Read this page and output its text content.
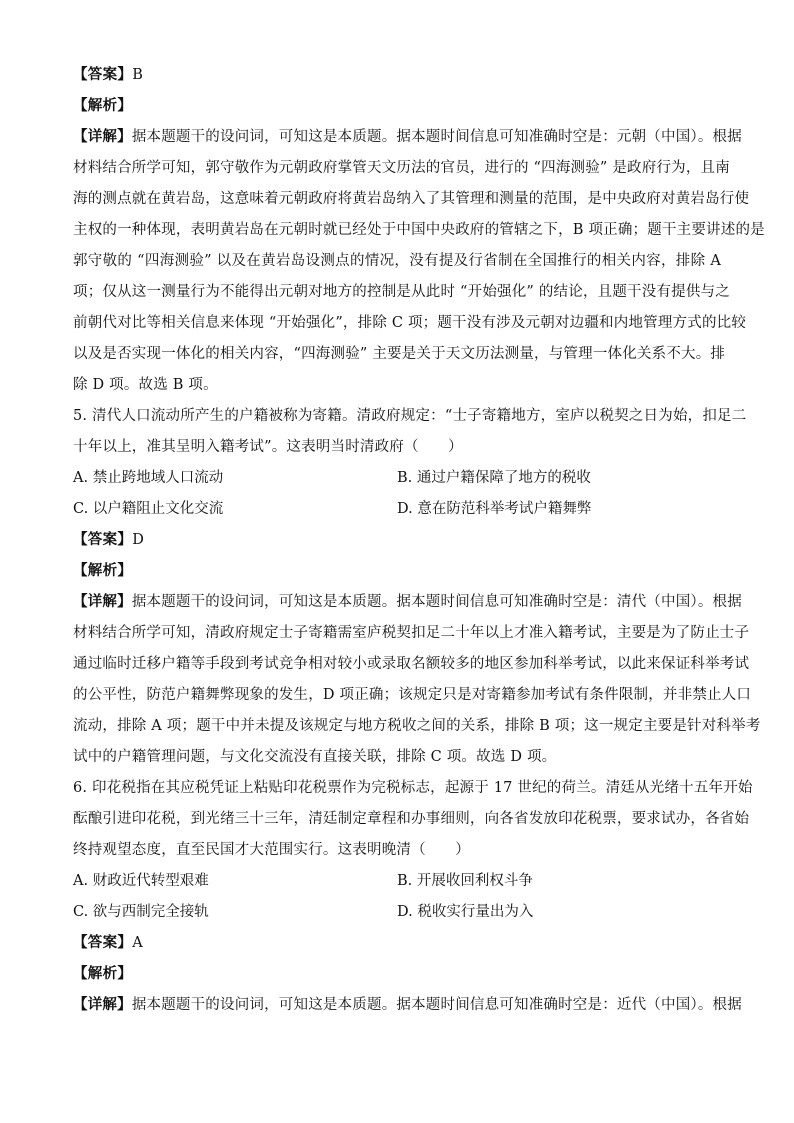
【答案】B
【解析】
【详解】据本题题干的设问词，可知这是本质题。据本题时间信息可知准确时空是：元朝（中国）。根据
材料结合所学可知，郭守敬作为元朝政府掌管天文历法的官员，进行的 “四海测验” 是政府行为，且南
海的测点就在黄岩岛，这意味着元朝政府将黄岩岛纳入了其管理和测量的范围，是中央政府对黄岩岛行使
主权的一种体现，表明黄岩岛在元朝时就已经处于中国中央政府的管辖之下，B 项正确；题干主要讲述的是
郭守敬的 “四海测验” 以及在黄岩岛设测点的情况，没有提及行省制在全国推行的相关内容，排除 A
项；仅从这一测量行为不能得出元朝对地方的控制是从此时 “开始强化” 的结论，且题干没有提供与之
前朝代对比等相关信息来体现 “开始强化”，排除 C 项；题干没有涉及元朝对边疆和内地管理方式的比较
以及是否实现一体化的相关内容，“四海测验” 主要是关于天文历法测量，与管理一体化关系不大。排
除 D 项。故选 B 项。
5. 清代人口流动所产生的户籍被称为寄籍。清政府规定：“士子寄籍地方，室庐以税契之日为始，扣足二
十年以上，准其呈明入籍考试”。这表明当时清政府（　　）
A. 禁止跨地域人口流动	B. 通过户籍保障了地方的税收
C. 以户籍阻止文化交流	D. 意在防范科举考试户籍舞弊
【答案】D
【解析】
【详解】据本题题干的设问词，可知这是本质题。据本题时间信息可知准确时空是：清代（中国）。根据
材料结合所学可知，清政府规定士子寄籍需室庐税契扣足二十年以上才准入籍考试，主要是为了防止士子
通过临时迁移户籍等手段到考试竞争相对较小或录取名额较多的地区参加科举考试，以此来保证科举考试
的公平性，防范户籍舞弊现象的发生，D 项正确；该规定只是对寄籍参加考试有条件限制，并非禁止人口
流动，排除 A 项；题干中并未提及该规定与地方税收之间的关系，排除 B 项；这一规定主要是针对科举考
试中的户籍管理问题，与文化交流没有直接关联，排除 C 项。故选 D 项。
6. 印花税指在其应税凭证上粘贴印花税票作为完税标志，起源于 17 世纪的荷兰。清廷从光绪十五年开始
酝酿引进印花税，到光绪三十三年，清廷制定章程和办事细则，向各省发放印花税票，要求试办，各省始
终持观望态度，直至民国才大范围实行。这表明晚清（　　）
A. 财政近代转型艰难	B. 开展收回利权斗争
C. 欲与西制完全接轨	D. 税收实行量出为入
【答案】A
【解析】
【详解】据本题题干的设问词，可知这是本质题。据本题时间信息可知准确时空是：近代（中国）。根据
